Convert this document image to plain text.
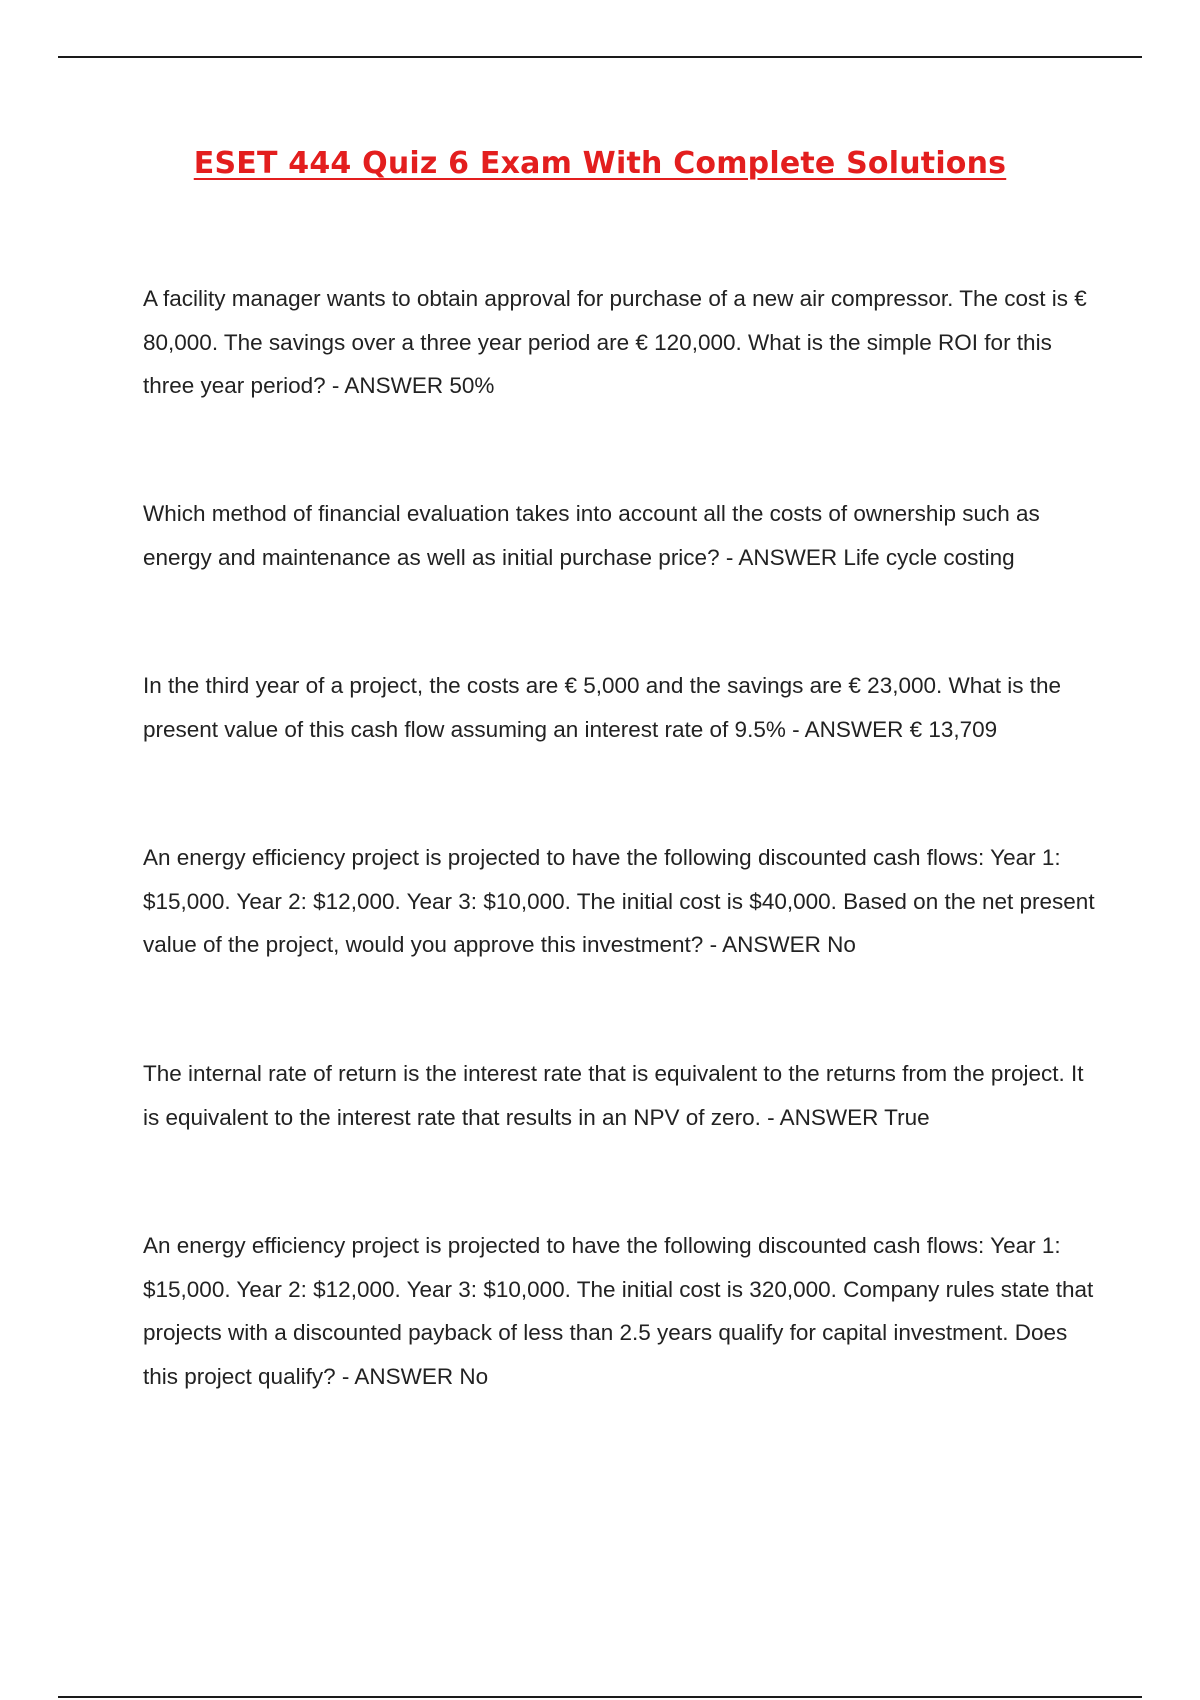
ESET 444 Quiz 6 Exam With Complete Solutions

A facility manager wants to obtain approval for purchase of a new air compressor. The cost is € 80,000. The savings over a three year period are € 120,000. What is the simple ROI for this three year period? - ANSWER 50%

Which method of financial evaluation takes into account all the costs of ownership such as energy and maintenance as well as initial purchase price? - ANSWER Life cycle costing

In the third year of a project, the costs are € 5,000 and the savings are € 23,000. What is the present value of this cash flow assuming an interest rate of 9.5% - ANSWER € 13,709

An energy efficiency project is projected to have the following discounted cash flows: Year 1: $15,000. Year 2: $12,000. Year 3: $10,000. The initial cost is $40,000. Based on the net present value of the project, would you approve this investment? - ANSWER No

The internal rate of return is the interest rate that is equivalent to the returns from the project. It is equivalent to the interest rate that results in an NPV of zero. - ANSWER True

An energy efficiency project is projected to have the following discounted cash flows: Year 1: $15,000. Year 2: $12,000. Year 3: $10,000. The initial cost is 320,000. Company rules state that projects with a discounted payback of less than 2.5 years qualify for capital investment. Does this project qualify? - ANSWER No
